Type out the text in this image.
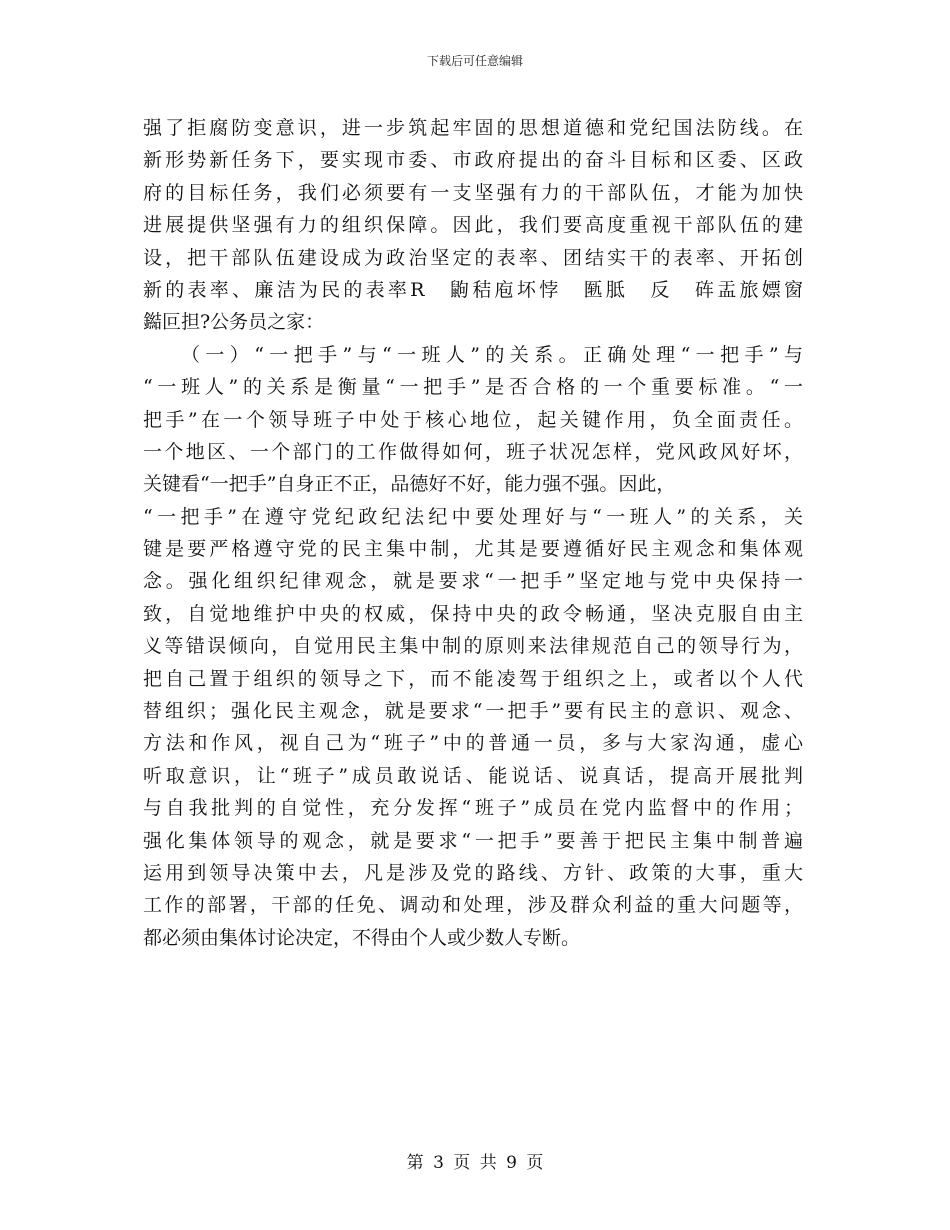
下载后可任意编辑
强了拒腐防变意识，进一步筑起牢固的思想道德和党纪国法防线。在
新形势新任务下，要实现市委、市政府提出的奋斗目标和区委、区政
府的目标任务，我们必须要有一支坚强有力的干部队伍，才能为加快
进展提供坚强有力的组织保障。因此，我们要高度重视干部队伍的建
设，把干部队伍建设成为政治坚定的表率、团结实干的表率、开拓创
新的表率、廉洁为民的表率R　鼩秸庖坏悖　匦胝　反　砗盂旅嫖窗
鐑叵担?公务员之家：
（一）“一把手”与“一班人”的关系。正确处理“一把手”与
“一班人”的关系是衡量“一把手”是否合格的一个重要标准。“一
把手”在一个领导班子中处于核心地位，起关键作用，负全面责任。
一个地区、一个部门的工作做得如何，班子状况怎样，党风政风好坏，
关键看“一把手”自身正不正，品德好不好，能力强不强。因此，
“一把手”在遵守党纪政纪法纪中要处理好与“一班人”的关系，关
键是要严格遵守党的民主集中制，尤其是要遵循好民主观念和集体观
念。强化组织纪律观念，就是要求“一把手”坚定地与党中央保持一
致，自觉地维护中央的权威，保持中央的政令畅通，坚决克服自由主
义等错误倾向，自觉用民主集中制的原则来法律规范自己的领导行为，
把自己置于组织的领导之下，而不能凌驾于组织之上，或者以个人代
替组织；强化民主观念，就是要求“一把手”要有民主的意识、观念、
方法和作风，视自己为“班子”中的普通一员，多与大家沟通，虚心
听取意识，让“班子”成员敢说话、能说话、说真话，提高开展批判
与自我批判的自觉性，充分发挥“班子”成员在党内监督中的作用；
强化集体领导的观念，就是要求“一把手”要善于把民主集中制普遍
运用到领导决策中去，凡是涉及党的路线、方针、政策的大事，重大
工作的部署，干部的任免、调动和处理，涉及群众利益的重大问题等，
都必须由集体讨论决定，不得由个人或少数人专断。
第 3 页 共 9 页
